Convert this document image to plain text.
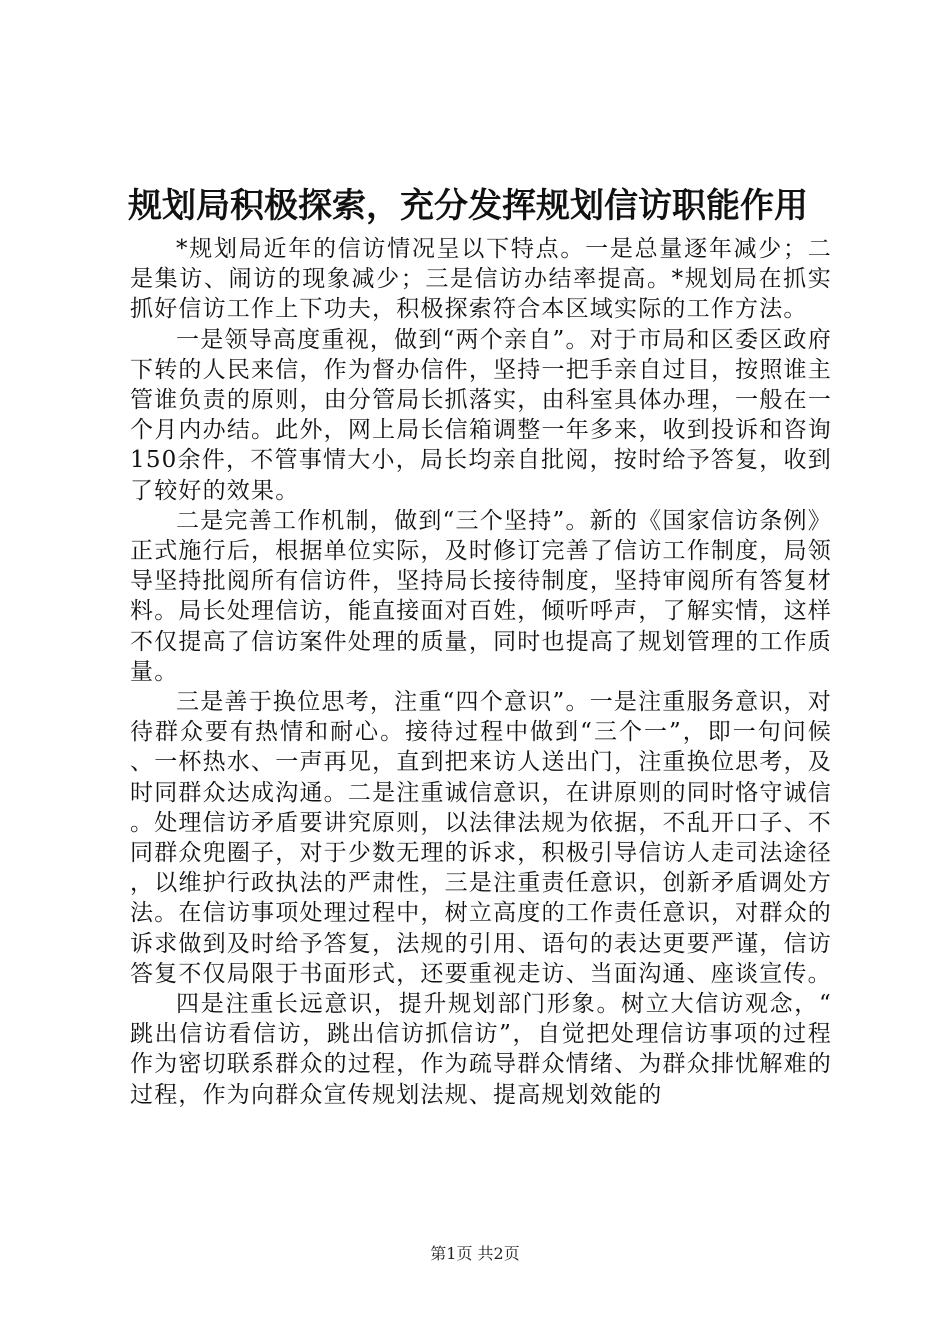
规划局积极探索，充分发挥规划信访职能作用

*规划局近年的信访情况呈以下特点。一是总量逐年减少；二是集访、闹访的现象减少；三是信访办结率提高。*规划局在抓实抓好信访工作上下功夫，积极探索符合本区域实际的工作方法。

一是领导高度重视，做到“两个亲自”。对于市局和区委区政府下转的人民来信，作为督办信件，坚持一把手亲自过目，按照谁主管谁负责的原则，由分管局长抓落实，由科室具体办理，一般在一个月内办结。此外，网上局长信箱调整一年多来，收到投诉和咨询150余件，不管事情大小，局长均亲自批阅，按时给予答复，收到了较好的效果。

二是完善工作机制，做到“三个坚持”。新的《国家信访条例》正式施行后，根据单位实际，及时修订完善了信访工作制度，局领导坚持批阅所有信访件，坚持局长接待制度，坚持审阅所有答复材料。局长处理信访，能直接面对百姓，倾听呼声，了解实情，这样不仅提高了信访案件处理的质量，同时也提高了规划管理的工作质量。

三是善于换位思考，注重“四个意识”。一是注重服务意识，对待群众要有热情和耐心。接待过程中做到“三个一”，即一句问候、一杯热水、一声再见，直到把来访人送出门，注重换位思考，及时同群众达成沟通。二是注重诚信意识，在讲原则的同时恪守诚信。处理信访矛盾要讲究原则，以法律法规为依据，不乱开口子、不同群众兜圈子，对于少数无理的诉求，积极引导信访人走司法途径，以维护行政执法的严肃性，三是注重责任意识，创新矛盾调处方法。在信访事项处理过程中，树立高度的工作责任意识，对群众的诉求做到及时给予答复，法规的引用、语句的表达更要严谨，信访答复不仅局限于书面形式，还要重视走访、当面沟通、座谈宣传。

四是注重长远意识，提升规划部门形象。树立大信访观念，“跳出信访看信访，跳出信访抓信访”，自觉把处理信访事项的过程作为密切联系群众的过程，作为疏导群众情绪、为群众排忧解难的过程，作为向群众宣传规划法规、提高规划效能的

第1页 共2页
